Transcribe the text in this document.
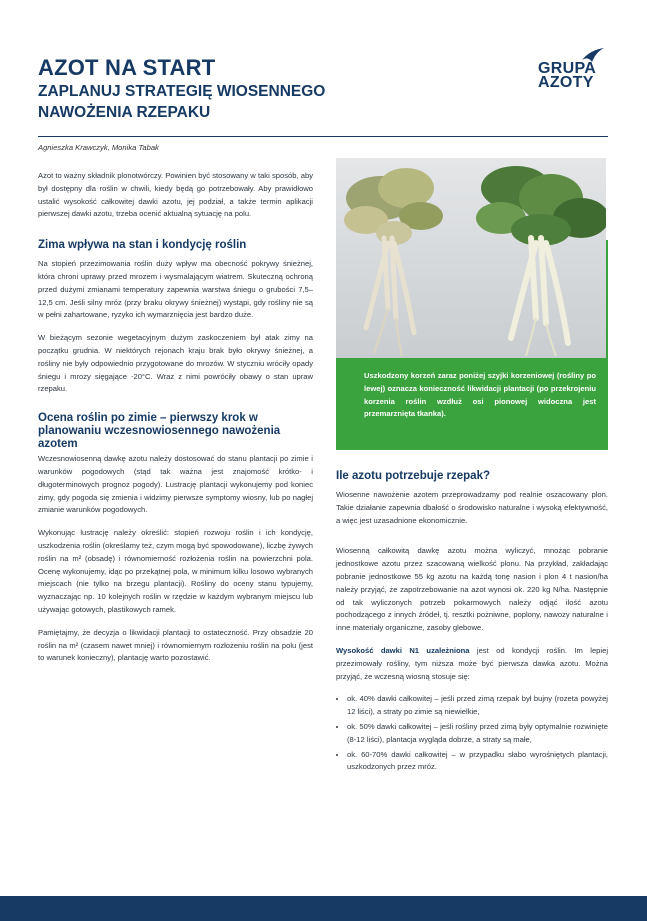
AZOT NA START
ZAPLANUJ STRATEGIĘ WIOSENNEGO
NAWOŻENIA RZEPAKU
GRUPA
AZOTY
Agnieszka Krawczyk, Monika Tabak

Azot to ważny składnik plonotwórczy. Powinien być stosowany w taki sposób, aby był dostępny dla roślin w chwili, kiedy będą go potrzebowały. Aby prawidłowo ustalić wysokość całkowitej dawki azotu, jej podział, a także termin aplikacji pierwszej dawki azotu, trzeba ocenić aktualną sytuację na polu.

Zima wpływa na stan i kondycję roślin

Na stopień przezimowania roślin duży wpływ ma obecność pokrywy śnieżnej, która chroni uprawy przed mrozem i wysmalającym wiatrem. Skuteczną ochroną przed dużymi zmianami temperatury zapewnia warstwa śniegu o grubości 7,5–12,5 cm. Jeśli silny mróz (przy braku okrywy śnieżnej) wystąpi, gdy rośliny nie są w pełni zahartowane, ryzyko ich wymarznięcia jest bardzo duże.

W bieżącym sezonie wegetacyjnym dużym zaskoczeniem był atak zimy na początku grudnia. W niektórych rejonach kraju brak było okrywy śnieżnej, a rośliny nie były odpowiednio przygotowane do mrozów. W styczniu wróciły opady śniegu i mrozy sięgające -20°C. Wraz z nimi powróciły obawy o stan upraw rzepaku.

Ocena roślin po zimie – pierwszy krok w planowaniu wczesnowiosennego nawożenia azotem

Wczesnowiosenną dawkę azotu należy dostosować do stanu plantacji po zimie i warunków pogodowych (stąd tak ważna jest znajomość krótko- i długoterminowych prognoz pogody). Lustrację plantacji wykonujemy pod koniec zimy, gdy pogoda się zmienia i widzimy pierwsze symptomy wiosny, lub po nagłej zmianie warunków pogodowych.

Wykonując lustrację należy określić: stopień rozwoju roślin i ich kondycję, uszkodzenia roślin (określamy też, czym mogą być spowodowane), liczbę żywych roślin na m² (obsadę) i równomierność rozłożenia roślin na powierzchni pola. Ocenę wykonujemy, idąc po przekątnej pola, w minimum kilku losowo wybranych miejscach (nie tylko na brzegu plantacji). Rośliny do oceny stanu typujemy, wyznaczając np. 10 kolejnych roślin w rzędzie w każdym wybranym miejscu lub używając gotowych, plastikowych ramek.

Pamiętajmy, że decyzja o likwidacji plantacji to ostateczność. Przy obsadzie 20 roślin na m² (czasem nawet mniej) i równomiernym rozłożeniu roślin na polu (jest to warunek konieczny), plantację warto pozostawić.

Uszkodzony korzeń zaraz poniżej szyjki korzeniowej (rośliny po lewej) oznacza konieczność likwidacji plantacji (po przekrojeniu korzenia roślin wzdłuż osi pionowej widoczna jest przemarznięta tkanka).
Ile azotu potrzebuje rzepak?

Wiosenne nawożenie azotem przeprowadzamy pod realnie oszacowany plon. Takie działanie zapewnia dbałość o środowisko naturalne i wysoką efektywność, a więc jest uzasadnione ekonomicznie.

Wiosenną całkowitą dawkę azotu można wyliczyć, mnożąc pobranie jednostkowe azotu przez szacowaną wielkość plonu. Na przykład, zakładając pobranie jednostkowe 55 kg azotu na każdą tonę nasion i plon 4 t nasion/ha należy przyjąć, że zapotrzebowanie na azot wynosi ok. 220 kg N/ha. Następnie od tak wyliczonych potrzeb pokarmowych należy odjąć ilość azotu pochodzącego z innych źródeł, tj. resztki pożniwne, poplony, nawozy naturalne i inne materiały organiczne, zasoby glebowe.

Wysokość dawki N1 uzależniona jest od kondycji roślin. Im lepiej przezimowały rośliny, tym niższa może być pierwsza dawka azotu. Można przyjąć, że wczesną wiosną stosuje się:

• ok. 40% dawki całkowitej – jeśli przed zimą rzepak był bujny (rozeta powyżej 12 liści), a straty po zimie są niewielkie,
• ok. 50% dawki całkowitej – jeśli rośliny przed zimą były optymalnie rozwinięte (8-12 liści), plantacja wygląda dobrze, a straty są małe,
• ok. 60-70% dawki całkowitej – w przypadku słabo wyrośniętych plantacji, uszkodzonych przez mróz.
